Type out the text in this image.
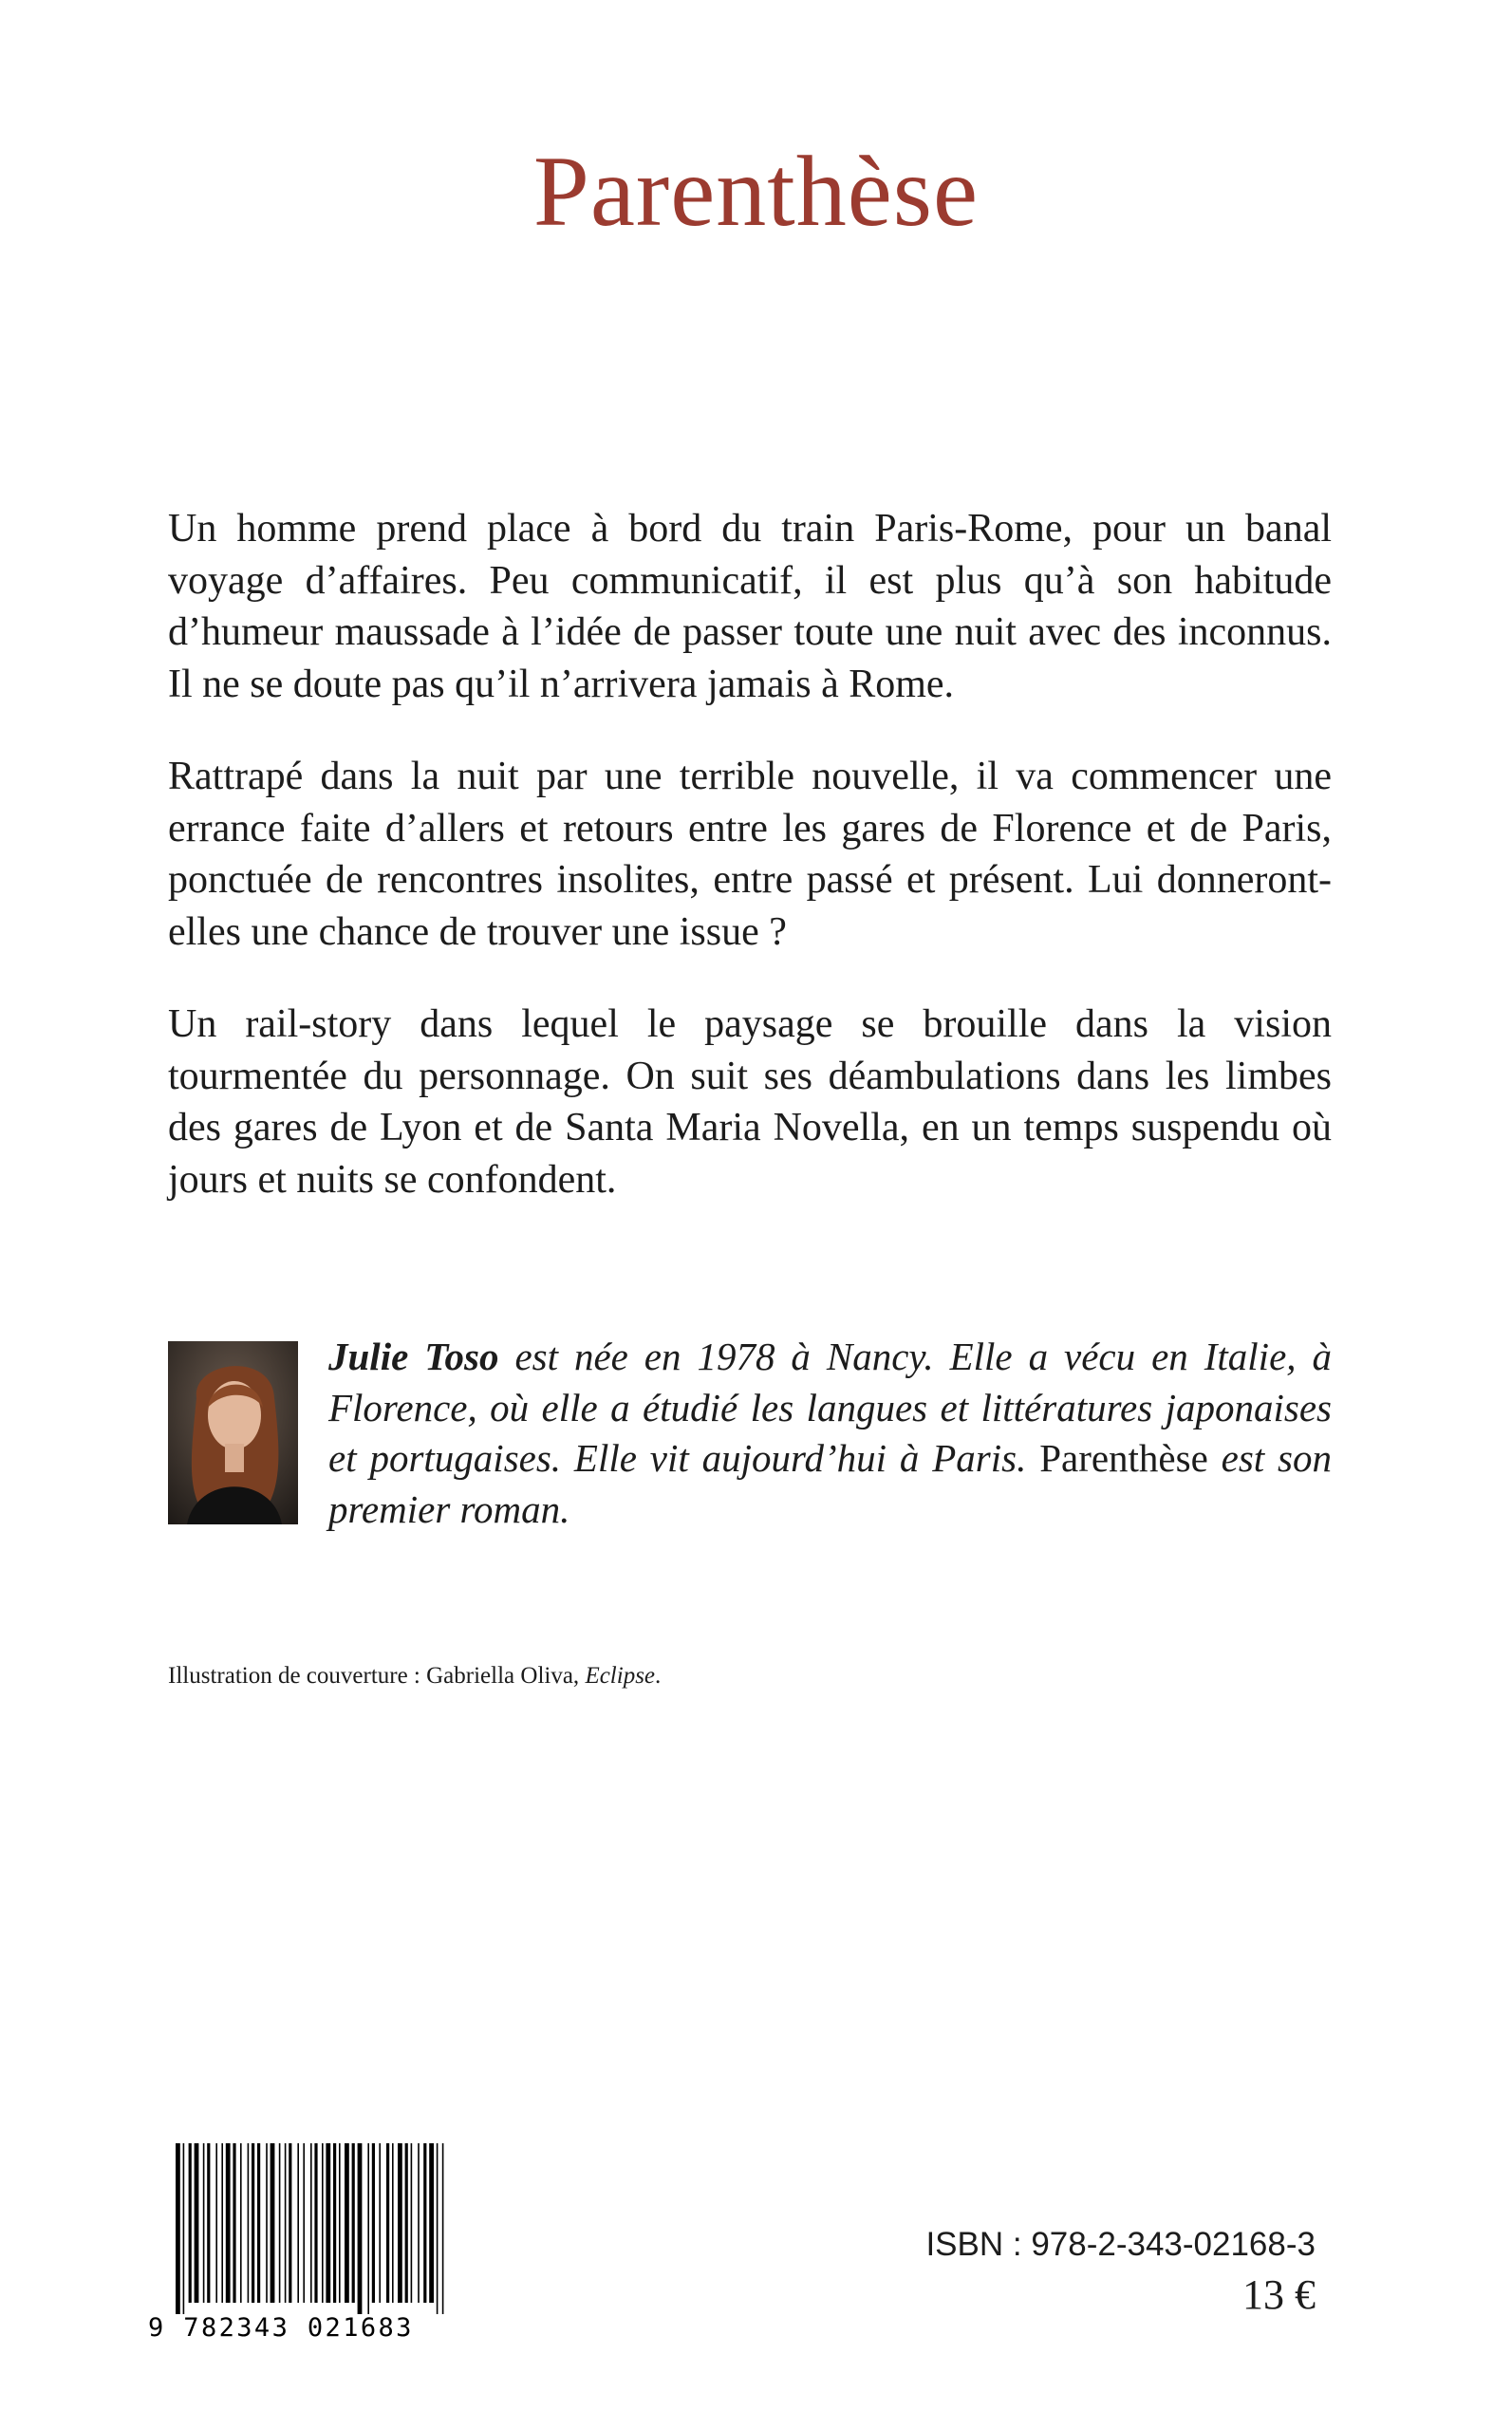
Parenthèse

Un homme prend place à bord du train Paris-Rome, pour un banal voyage d’affaires. Peu communicatif, il est plus qu’à son habitude d’humeur maussade à l’idée de passer toute une nuit avec des inconnus. Il ne se doute pas qu’il n’arrivera jamais à Rome.

Rattrapé dans la nuit par une terrible nouvelle, il va commencer une errance faite d’allers et retours entre les gares de Florence et de Paris, ponctuée de rencontres insolites, entre passé et présent. Lui donneront-elles une chance de trouver une issue ?

Un rail-story dans lequel le paysage se brouille dans la vision tourmentée du personnage. On suit ses déambulations dans les limbes des gares de Lyon et de Santa Maria Novella, en un temps suspendu où jours et nuits se confondent.

Julie Toso est née en 1978 à Nancy. Elle a vécu en Italie, à Florence, où elle a étudié les langues et littératures japonaises et portugaises. Elle vit aujourd’hui à Paris. Parenthèse est son premier roman.
Illustration de couverture : Gabriella Oliva, Eclipse.
9 782343 021683
ISBN : 978-2-343-02168-3
13 €
